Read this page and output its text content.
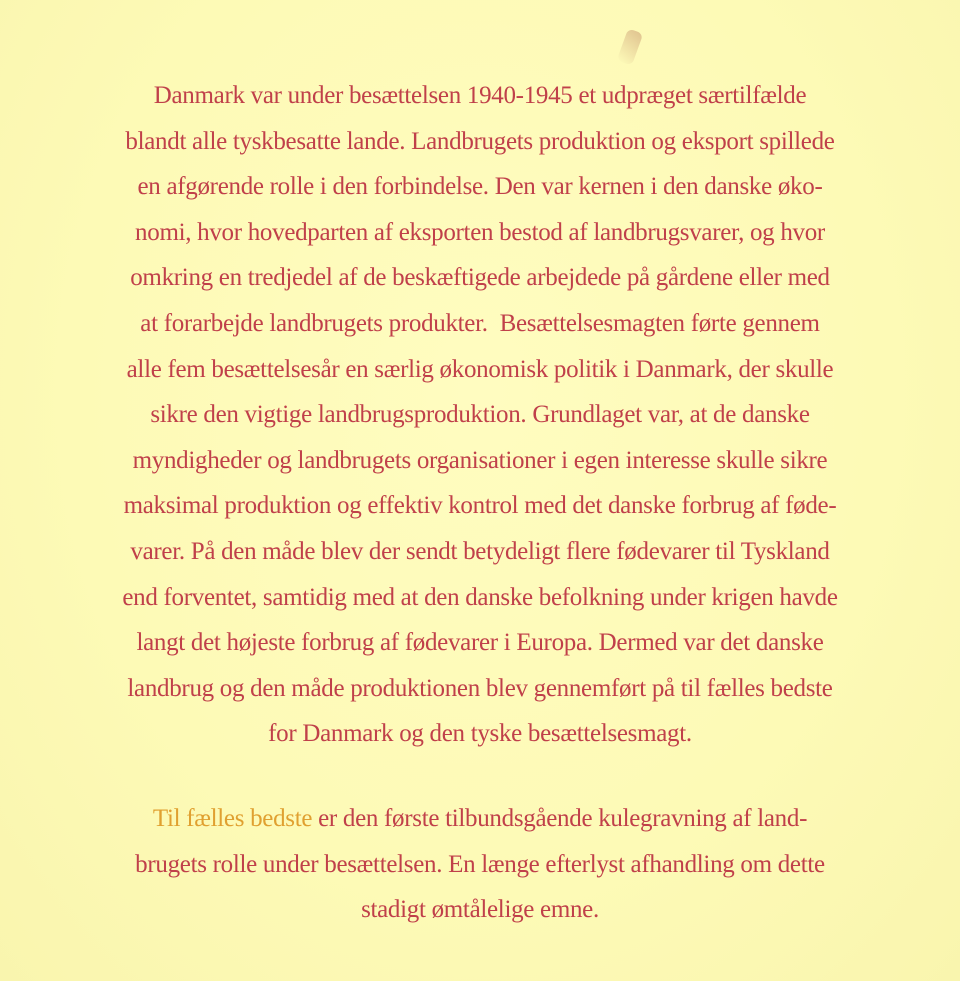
Danmark var under besættelsen 1940-1945 et udpræget særtilfælde
blandt alle tyskbesatte lande. Landbrugets produktion og eksport spillede
en afgørende rolle i den forbindelse. Den var kernen i den danske øko-
nomi, hvor hovedparten af eksporten bestod af landbrugsvarer, og hvor
omkring en tredjedel af de beskæftigede arbejdede på gårdene eller med
at forarbejde landbrugets produkter.  Besættelsesmagten førte gennem
alle fem besættelsesår en særlig økonomisk politik i Danmark, der skulle
sikre den vigtige landbrugsproduktion. Grundlaget var, at de danske
myndigheder og landbrugets organisationer i egen interesse skulle sikre
maksimal produktion og effektiv kontrol med det danske forbrug af føde-
varer. På den måde blev der sendt betydeligt flere fødevarer til Tyskland
end forventet, samtidig med at den danske befolkning under krigen havde
langt det højeste forbrug af fødevarer i Europa. Dermed var det danske
landbrug og den måde produktionen blev gennemført på til fælles bedste
for Danmark og den tyske besættelsesmagt.
Til fælles bedste er den første tilbundsgående kulegravning af land-
brugets rolle under besættelsen. En længe efterlyst afhandling om dette
stadigt ømtålelige emne.
